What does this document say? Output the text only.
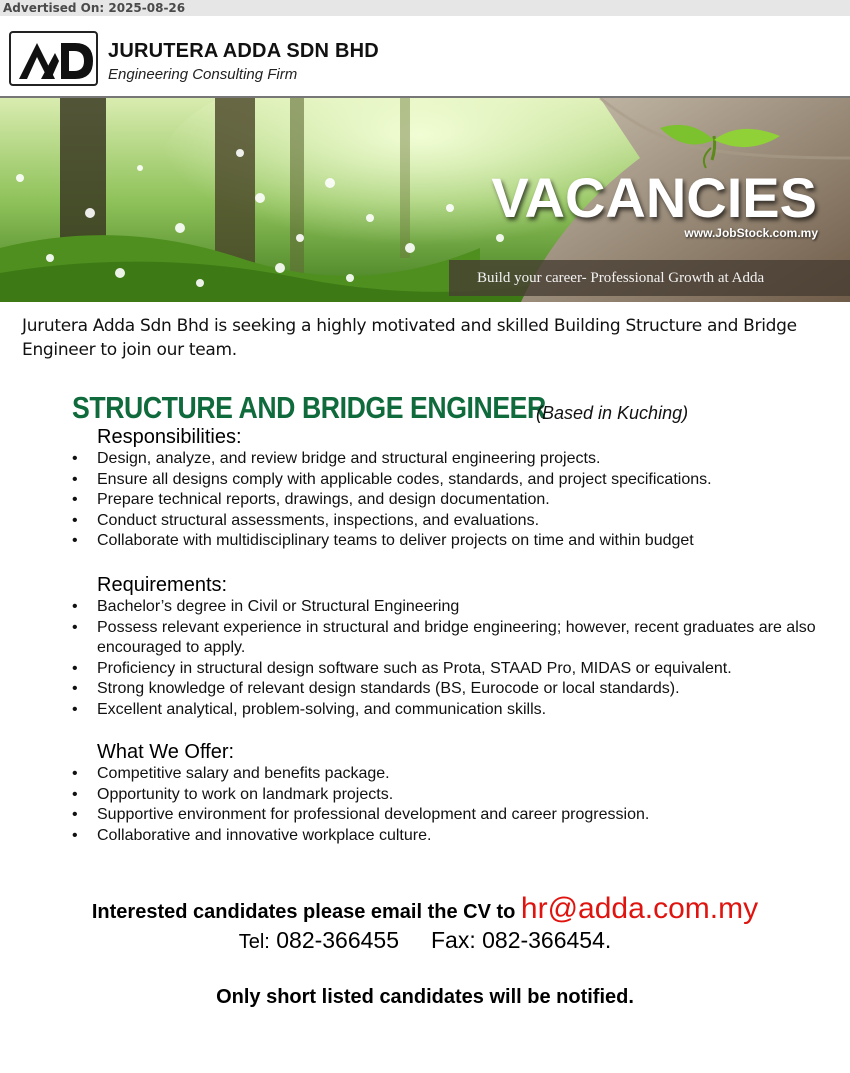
Advertised On: 2025-08-26
JURUTERA ADDA SDN BHD
Engineering Consulting Firm
VACANCIES
www.JobStock.com.my
Build your career- Professional Growth at Adda
Jurutera Adda Sdn Bhd is seeking a highly motivated and skilled Building Structure and Bridge Engineer to join our team.
STRUCTURE AND BRIDGE ENGINEER
(Based in Kuching)
Responsibilities:
• Design, analyze, and review bridge and structural engineering projects.
• Ensure all designs comply with applicable codes, standards, and project specifications.
• Prepare technical reports, drawings, and design documentation.
• Conduct structural assessments, inspections, and evaluations.
• Collaborate with multidisciplinary teams to deliver projects on time and within budget
Requirements:
• Bachelor’s degree in Civil or Structural Engineering
• Possess relevant experience in structural and bridge engineering; however, recent graduates are also encouraged to apply.
• Proficiency in structural design software such as Prota, STAAD Pro, MIDAS or equivalent.
• Strong knowledge of relevant design standards (BS, Eurocode or local standards).
• Excellent analytical, problem-solving, and communication skills.
What We Offer:
• Competitive salary and benefits package.
• Opportunity to work on landmark projects.
• Supportive environment for professional development and career progression.
• Collaborative and innovative workplace culture.
Interested candidates please email the CV to hr@adda.com.my
Tel: 082-366455 Fax: 082-366454.
Only short listed candidates will be notified.
